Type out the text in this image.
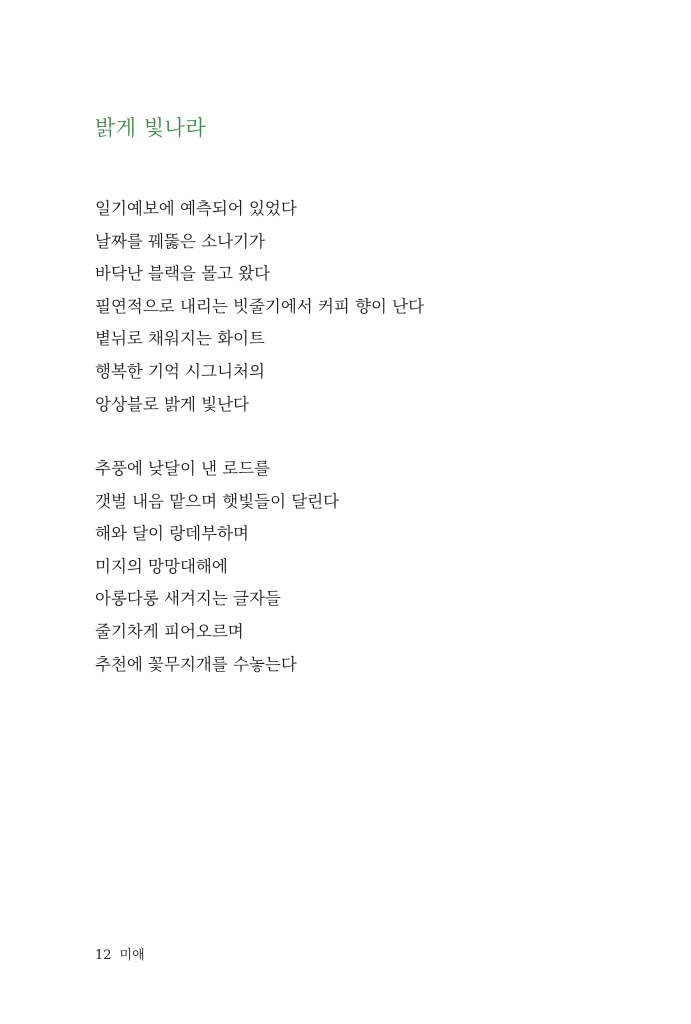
밝게 빛나라
일기예보에 예측되어 있었다
날짜를 꿰뚫은 소나기가
바닥난 블랙을 몰고 왔다
필연적으로 내리는 빗줄기에서 커피 향이 난다
볕뉘로 채워지는 화이트
행복한 기억 시그니처의
앙상블로 밝게 빛난다
추풍에 낮달이 낸 로드를
갯벌 내음 맡으며 햇빛들이 달린다
해와 달이 랑데부하며
미지의 망망대해에
아롱다롱 새겨지는 글자들
줄기차게 피어오르며
추천에 꽃무지개를 수놓는다
12 미애
